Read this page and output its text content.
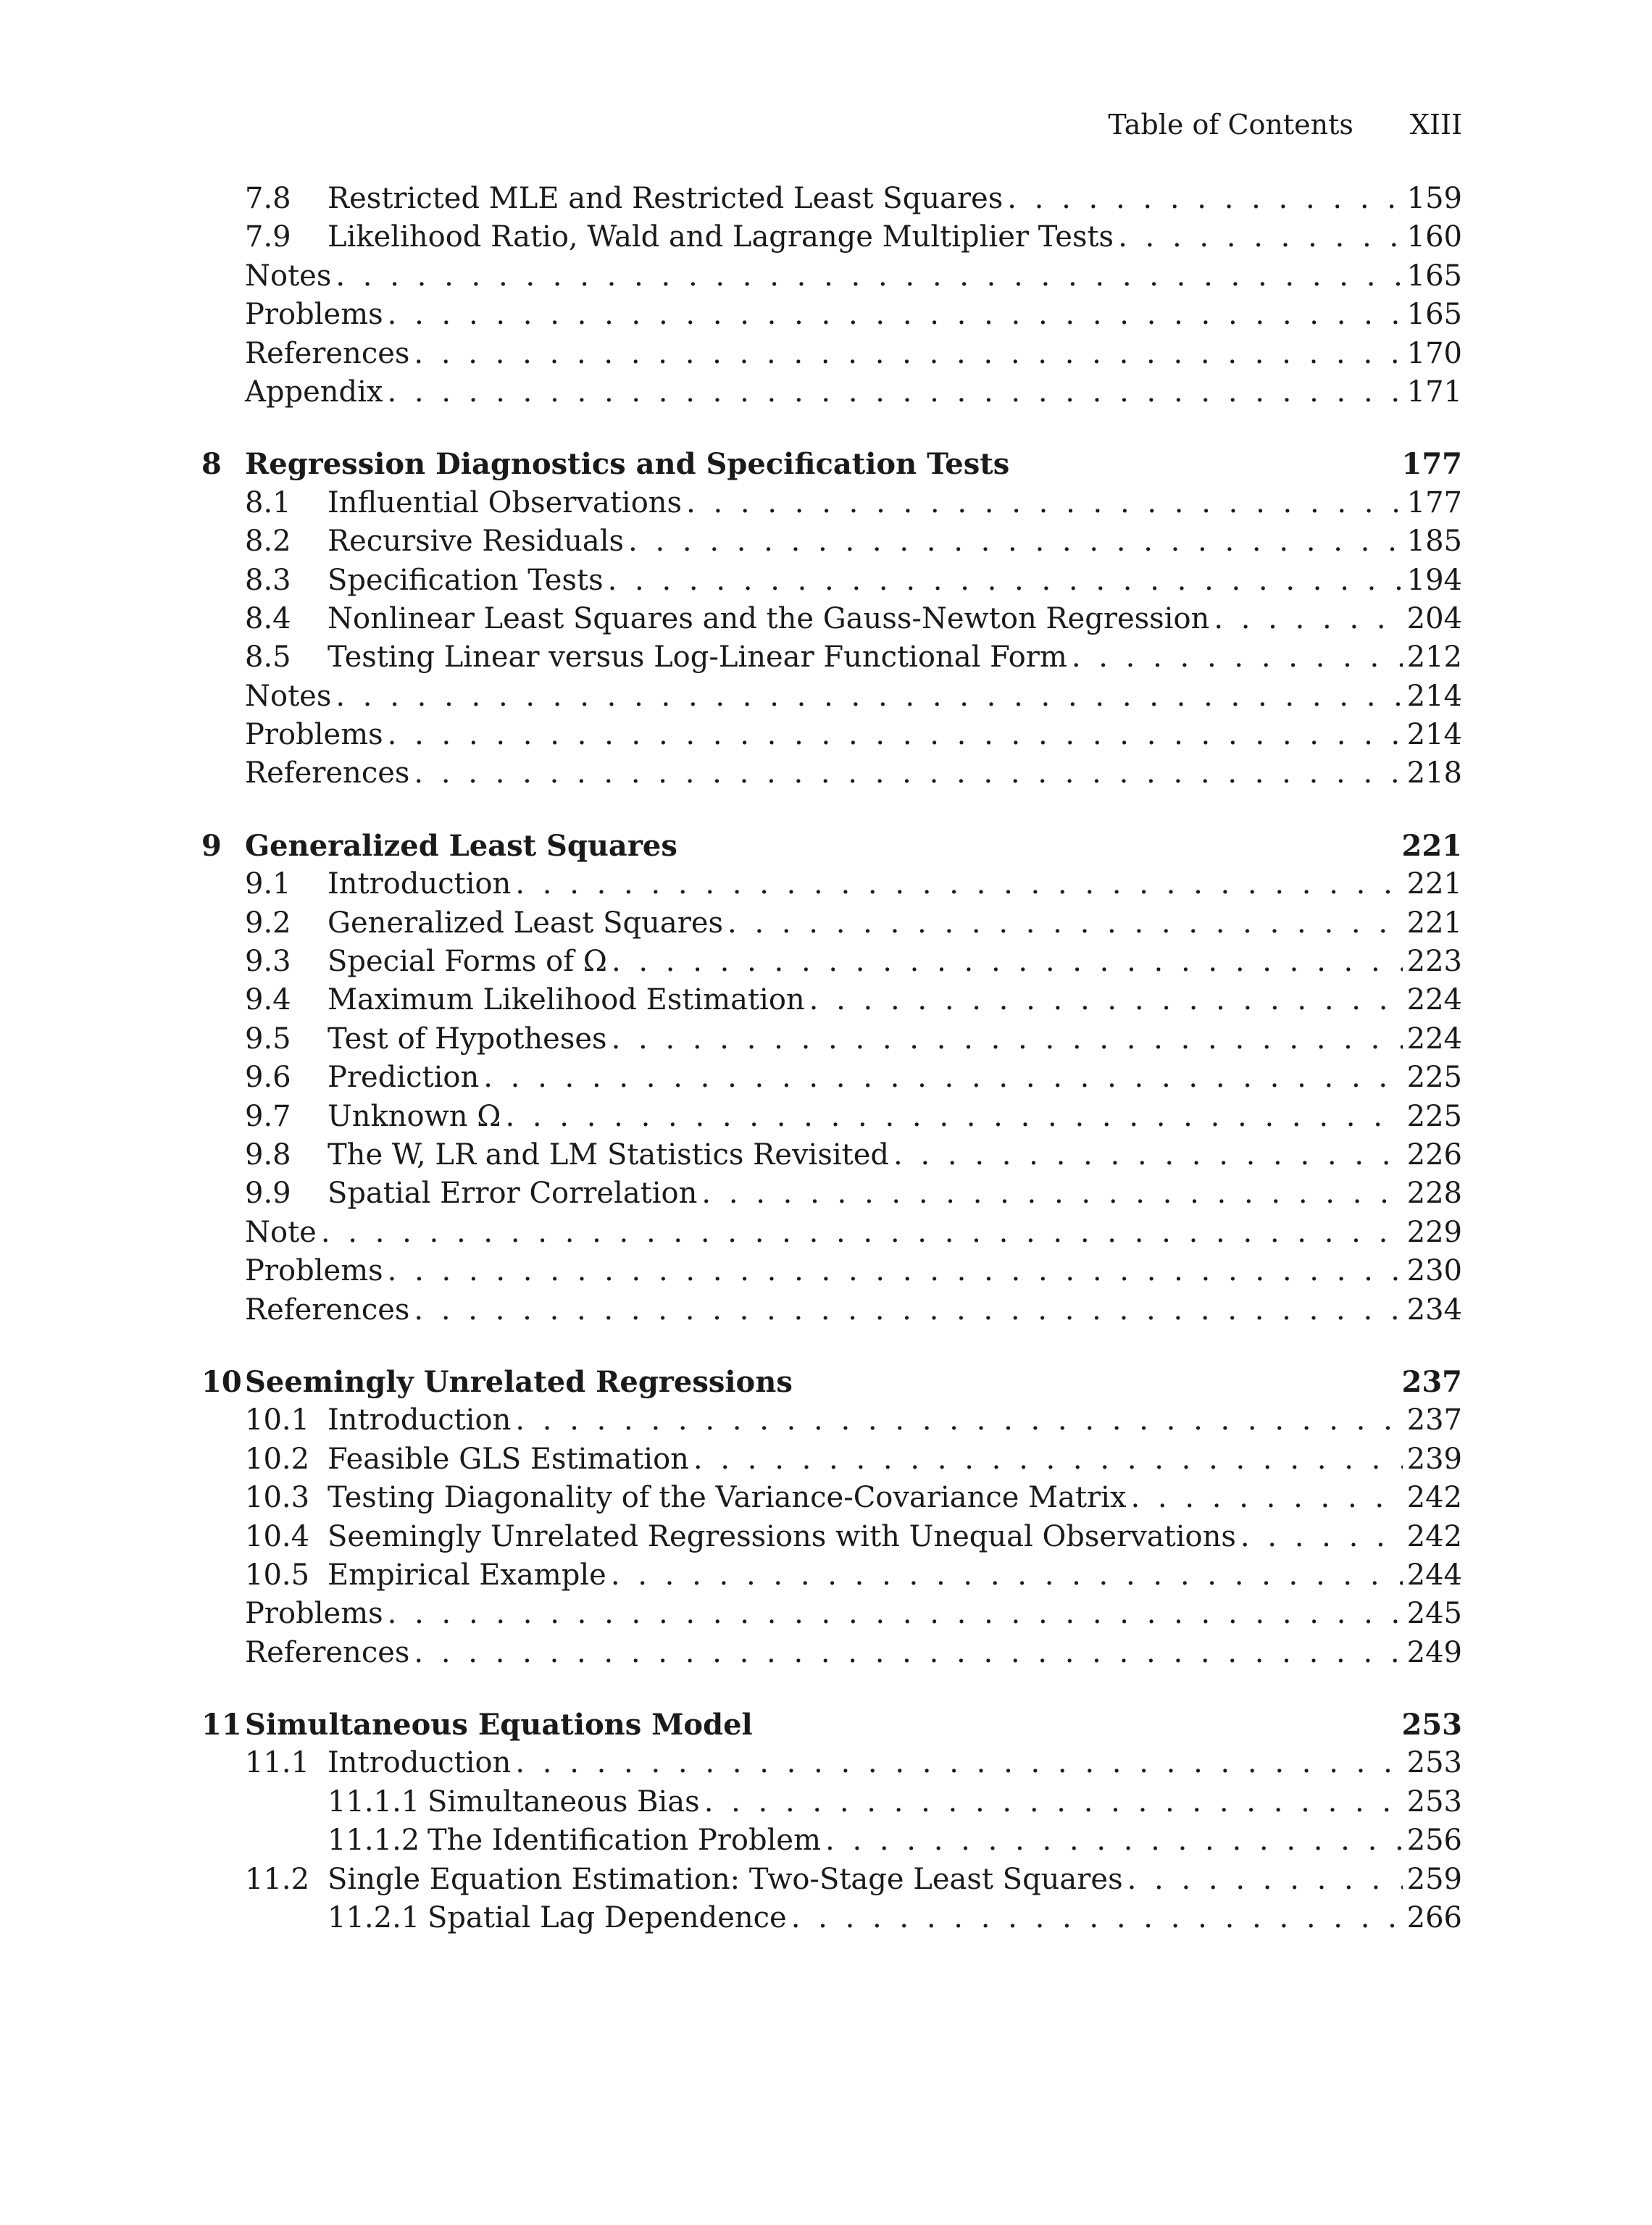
Table of Contents XIII
7.8	Restricted MLE and Restricted Least Squares . . .	159
7.9	Likelihood Ratio, Wald and Lagrange Multiplier Tests . . .	160
Notes . . .	165
Problems . . .	165
References . . .	170
Appendix . . .	171
8 Regression Diagnostics and Specification Tests	177
8.1	Influential Observations . . .	177
8.2	Recursive Residuals . . .	185
8.3	Specification Tests . . .	194
8.4	Nonlinear Least Squares and the Gauss-Newton Regression . . .	204
8.5	Testing Linear versus Log-Linear Functional Form . . .	212
Notes . . .	214
Problems . . .	214
References . . .	218
9 Generalized Least Squares	221
9.1	Introduction . . .	221
9.2	Generalized Least Squares . . .	221
9.3	Special Forms of Ω . . .	223
9.4	Maximum Likelihood Estimation . . .	224
9.5	Test of Hypotheses . . .	224
9.6	Prediction . . .	225
9.7	Unknown Ω . . .	225
9.8	The W, LR and LM Statistics Revisited . . .	226
9.9	Spatial Error Correlation . . .	228
Note . . .	229
Problems . . .	230
References . . .	234
10 Seemingly Unrelated Regressions	237
10.1 Introduction . . .	237
10.2 Feasible GLS Estimation . . .	239
10.3 Testing Diagonality of the Variance-Covariance Matrix . . .	242
10.4 Seemingly Unrelated Regressions with Unequal Observations . . .	242
10.5 Empirical Example . . .	244
Problems . . .	245
References . . .	249
11 Simultaneous Equations Model	253
11.1 Introduction . . .	253
11.1.1 Simultaneous Bias . . .	253
11.1.2 The Identification Problem . . .	256
11.2 Single Equation Estimation: Two-Stage Least Squares . . .	259
11.2.1 Spatial Lag Dependence . . .	266
